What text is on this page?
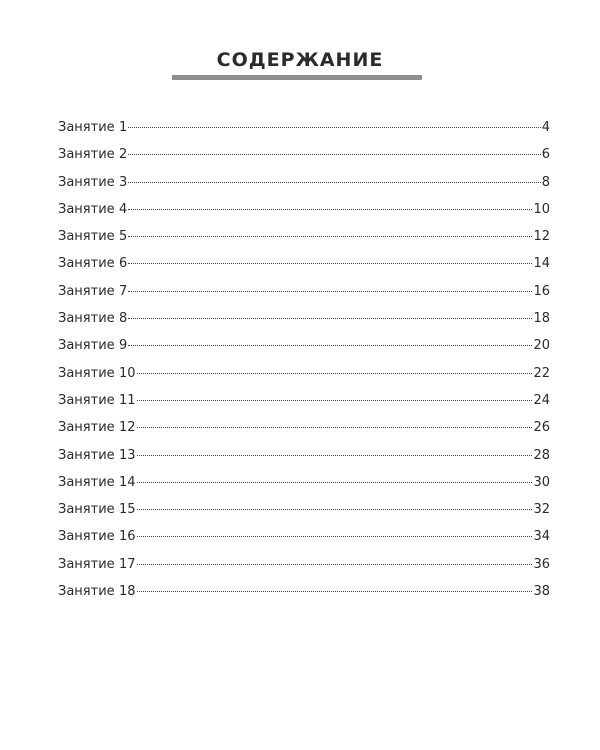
СОДЕРЖАНИЕ
Занятие 1	4
Занятие 2	6
Занятие 3	8
Занятие 4	10
Занятие 5	12
Занятие 6	14
Занятие 7	16
Занятие 8	18
Занятие 9	20
Занятие 10	22
Занятие 11	24
Занятие 12	26
Занятие 13	28
Занятие 14	30
Занятие 15	32
Занятие 16	34
Занятие 17	36
Занятие 18	38
